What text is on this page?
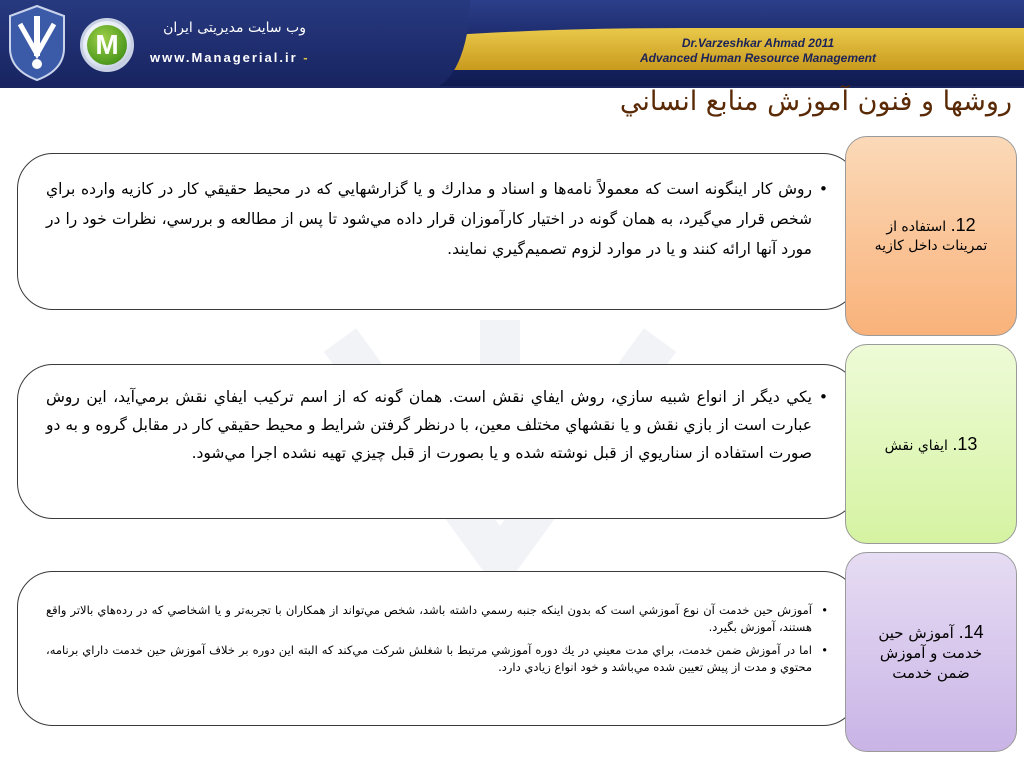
M
وب سايت مديريتی ايران
www.Managerial.ir -
Dr.Varzeshkar Ahmad 2011
Advanced Human Resource Management
روشها و فنون آموزش منابع انساني
• روش كار اينگونه است كه معمولاً نامه‌ها و اسناد و مدارك و يا گزارشهايي كه در محيط حقيقي كار در كازيه وارده براي شخص قرار مي‌گيرد، به همان گونه در اختيار كارآموزان قرار داده مي‌شود تا پس از مطالعه و بررسي، نظرات خود را در مورد آنها ارائه كنند و يا در موارد لزوم تصميم‌گيري نمايند.
12. استفاده از تمرينات داخل كازيه
• يكي ديگر از انواع شبيه سازي، روش ايفاي نقش است. همان گونه كه از اسم تركيب ايفاي نقش برمي‌آيد، اين روش عبارت است از بازي نقش و يا نقشهاي مختلف معين، با درنظر گرفتن شرايط و محيط حقيقي كار در مقابل گروه و به دو صورت استفاده از سناريوي از قبل نوشته شده و يا بصورت از قبل چيزي تهيه نشده اجرا مي‌شود.	13. ايفاي نقش
• آموزش حين خدمت آن نوع آموزشي است كه بدون اينكه جنبه رسمي داشته باشد، شخص مي‌تواند از همكاران با تجربه‌تر و يا اشخاصي كه در رده‌هاي بالاتر واقع هستند، آموزش بگيرد.
• اما در آموزش ضمن خدمت، براي مدت معيني در يك دوره آموزشي مرتبط با شغلش شركت مي‌كند كه البته اين دوره بر خلاف آموزش حين خدمت داراي برنامه، محتوي و مدت از پيش تعيين شده مي‌باشد و خود انواع زيادي دارد.
14. آموزش حين خدمت و آموزش ضمن خدمت
